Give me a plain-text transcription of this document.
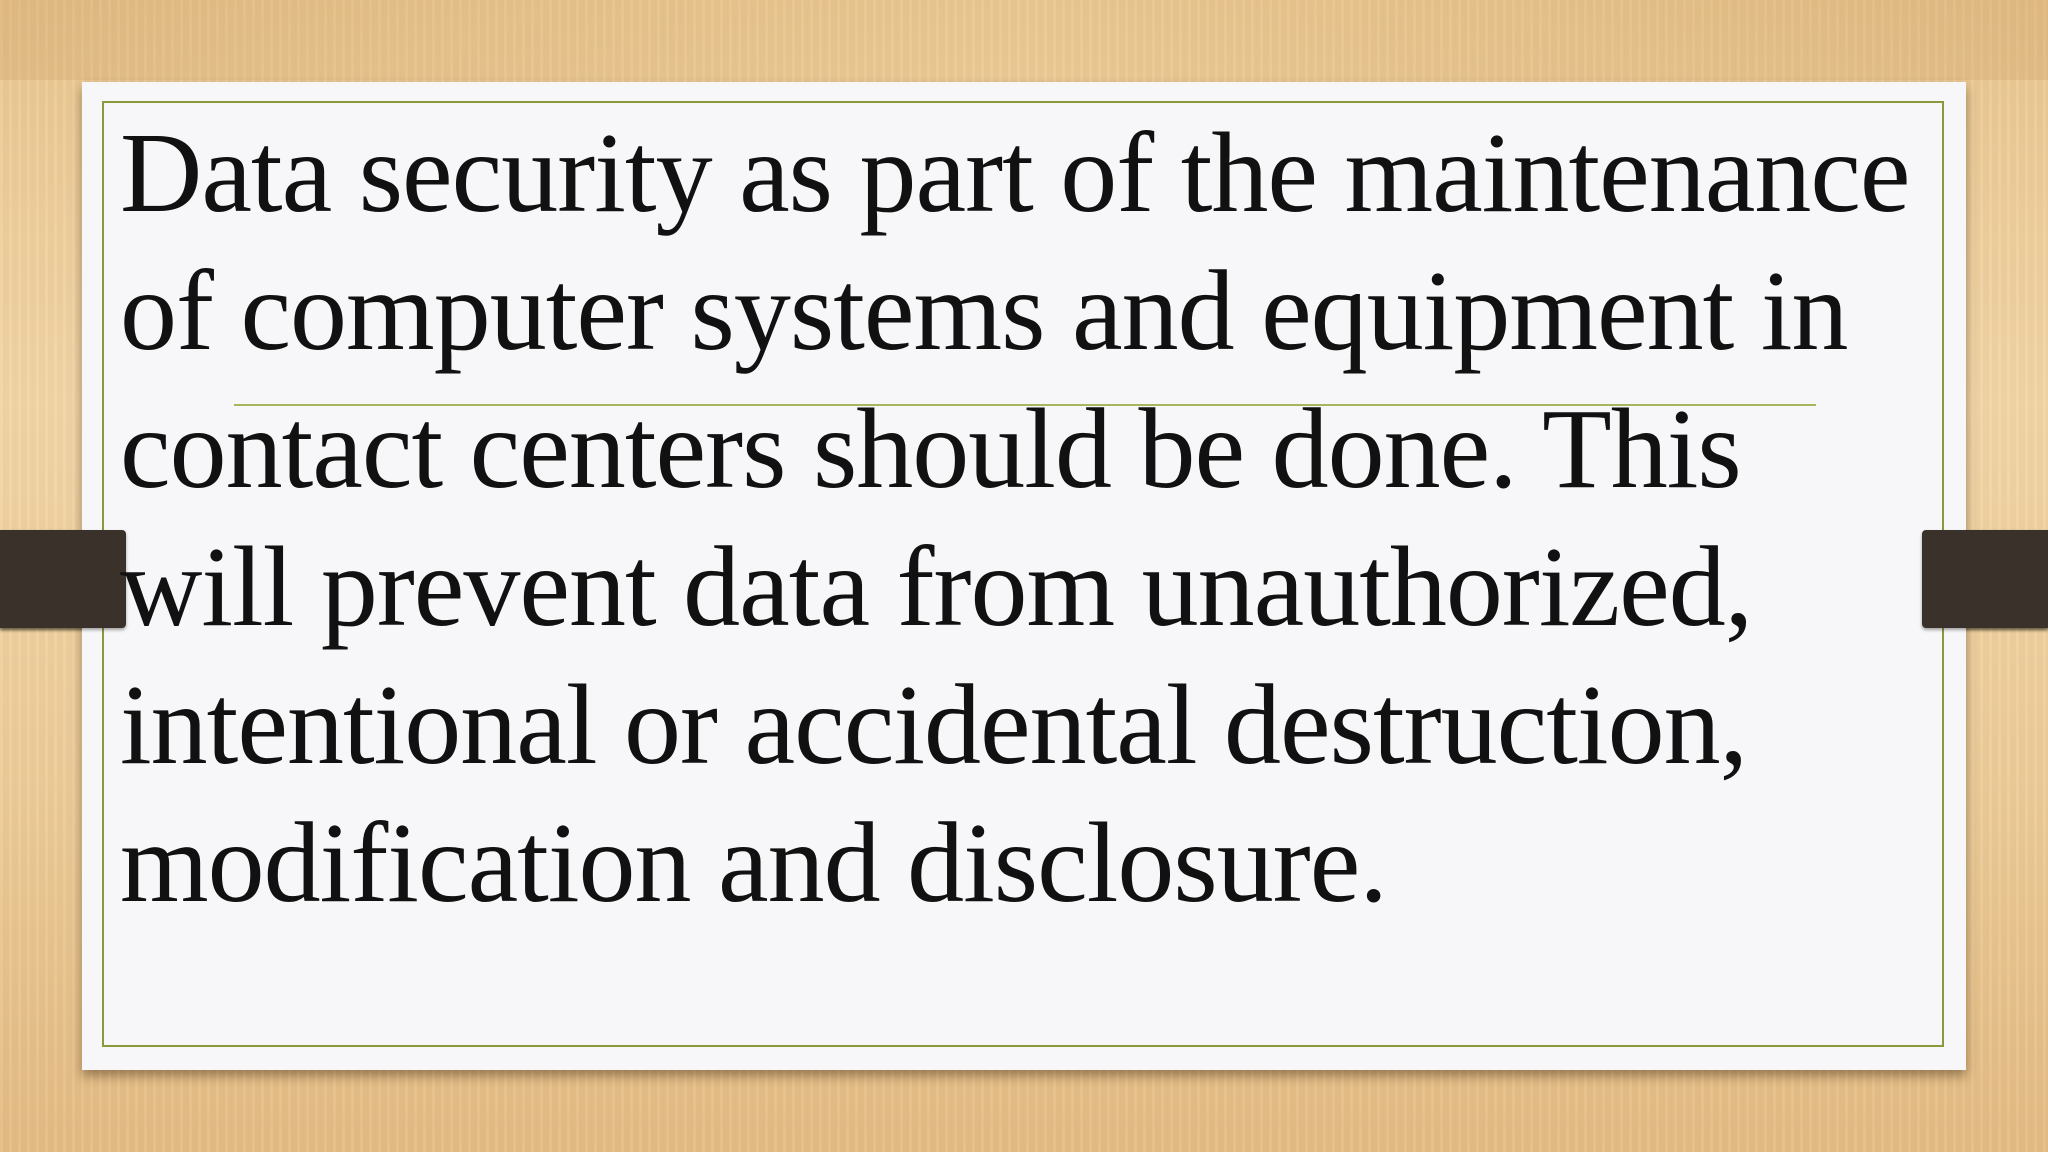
Data security as part of the maintenance
of computer systems and equipment in
contact centers should be done. This
will prevent data from unauthorized,
intentional or accidental destruction,
modification and disclosure.
